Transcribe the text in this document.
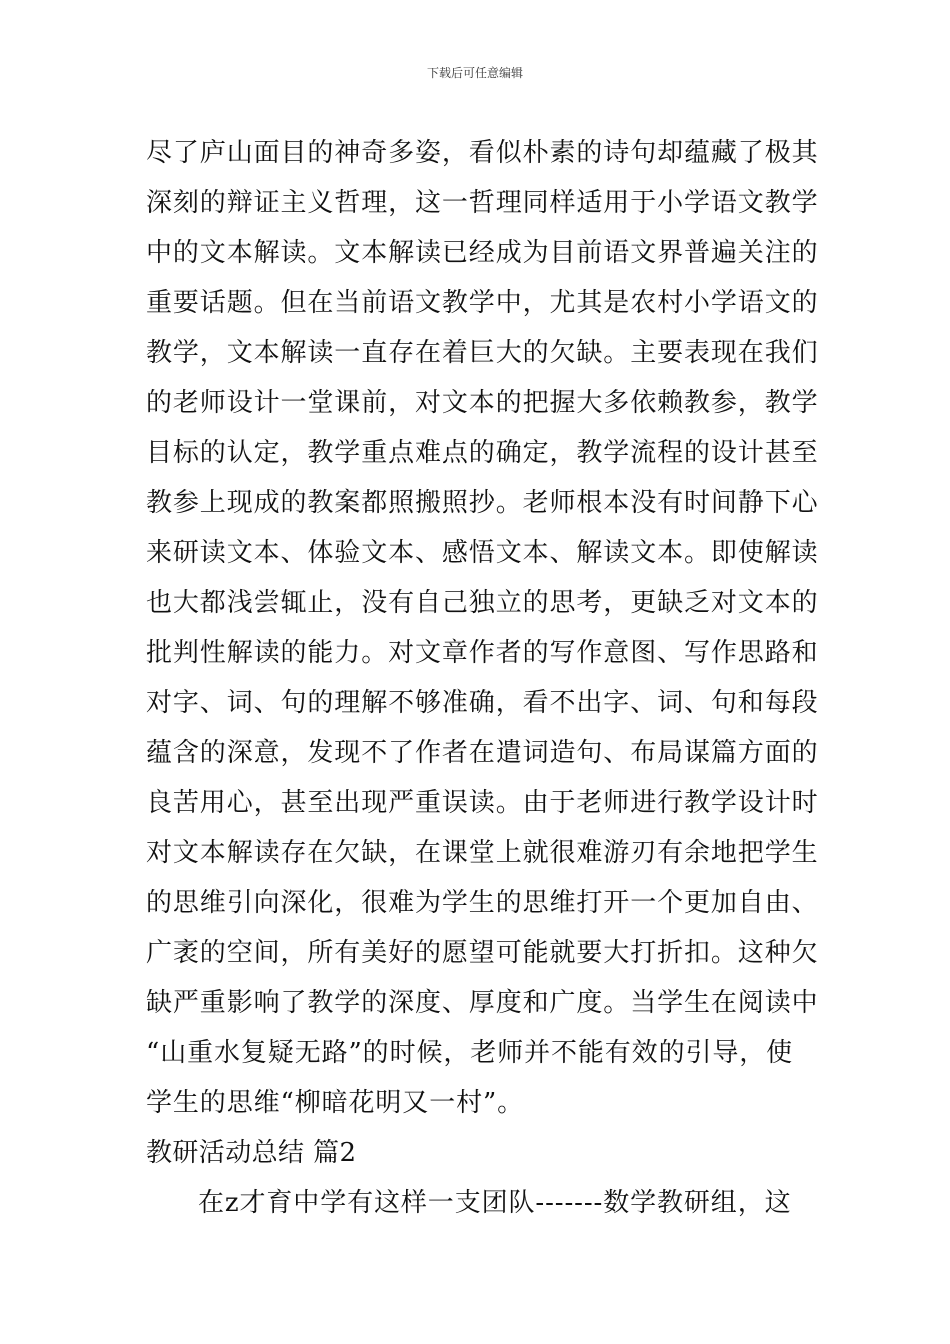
下载后可任意编辑
尽了庐山面目的神奇多姿，看似朴素的诗句却蕴藏了极其
深刻的辩证主义哲理，这一哲理同样适用于小学语文教学
中的文本解读。文本解读已经成为目前语文界普遍关注的
重要话题。但在当前语文教学中，尤其是农村小学语文的
教学，文本解读一直存在着巨大的欠缺。主要表现在我们
的老师设计一堂课前，对文本的把握大多依赖教参，教学
目标的认定，教学重点难点的确定，教学流程的设计甚至
教参上现成的教案都照搬照抄。老师根本没有时间静下心
来研读文本、体验文本、感悟文本、解读文本。即使解读
也大都浅尝辄止，没有自己独立的思考，更缺乏对文本的
批判性解读的能力。对文章作者的写作意图、写作思路和
对字、词、句的理解不够准确，看不出字、词、句和每段
蕴含的深意，发现不了作者在遣词造句、布局谋篇方面的
良苦用心，甚至出现严重误读。由于老师进行教学设计时
对文本解读存在欠缺，在课堂上就很难游刃有余地把学生
的思维引向深化，很难为学生的思维打开一个更加自由、
广袤的空间，所有美好的愿望可能就要大打折扣。这种欠
缺严重影响了教学的深度、厚度和广度。当学生在阅读中
“山重水复疑无路”的时候，老师并不能有效的引导，使
学生的思维“柳暗花明又一村”。
教研活动总结 篇2
在z才育中学有这样一支团队-------数学教研组，这
